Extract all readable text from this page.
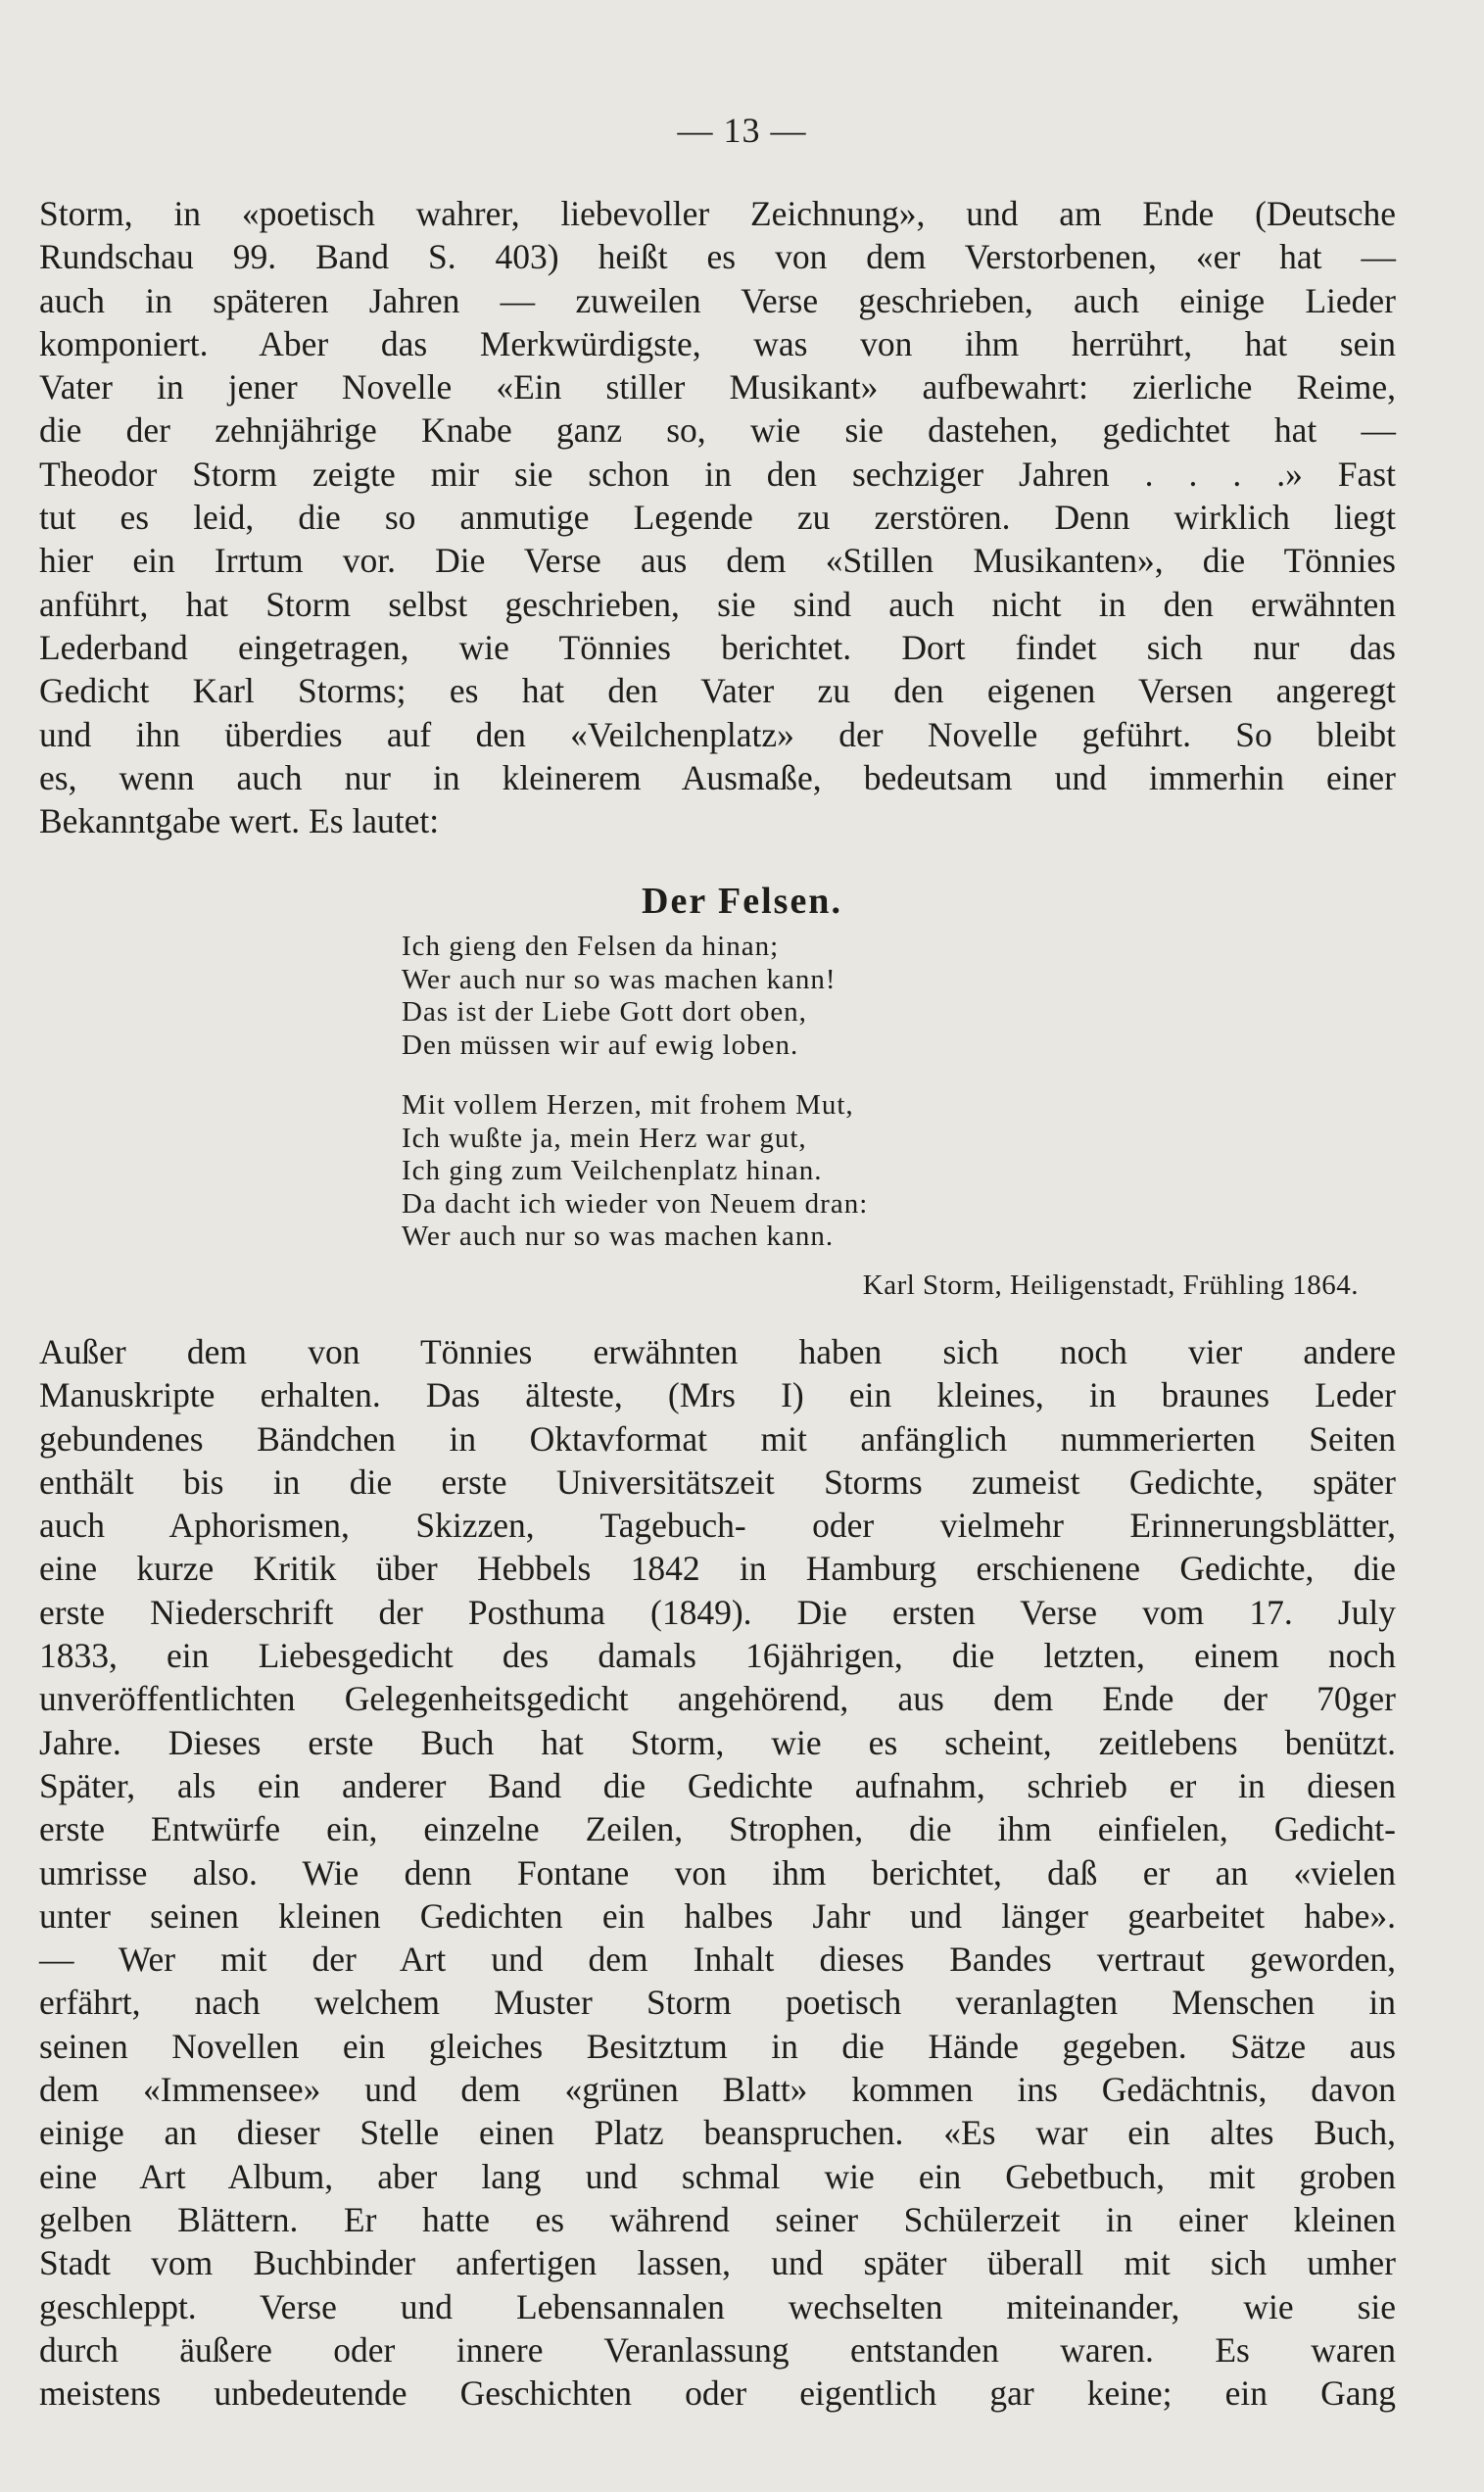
— 13 —
Storm, in «poetisch wahrer, liebevoller Zeichnung», und am Ende (Deutsche
Rundschau 99. Band S. 403) heißt es von dem Verstorbenen, «er hat —
auch in späteren Jahren — zuweilen Verse geschrieben, auch einige Lieder
komponiert. Aber das Merkwürdigste, was von ihm herrührt, hat sein
Vater in jener Novelle «Ein stiller Musikant» aufbewahrt: zierliche Reime,
die der zehnjährige Knabe ganz so, wie sie dastehen, gedichtet hat —
Theodor Storm zeigte mir sie schon in den sechziger Jahren . . . .» Fast
tut es leid, die so anmutige Legende zu zerstören. Denn wirklich liegt
hier ein Irrtum vor. Die Verse aus dem «Stillen Musikanten», die Tönnies
anführt, hat Storm selbst geschrieben, sie sind auch nicht in den erwähnten
Lederband eingetragen, wie Tönnies berichtet. Dort findet sich nur das
Gedicht Karl Storms; es hat den Vater zu den eigenen Versen angeregt
und ihn überdies auf den «Veilchenplatz» der Novelle geführt. So bleibt
es, wenn auch nur in kleinerem Ausmaße, bedeutsam und immerhin einer
Bekanntgabe wert. Es lautet:
Der Felsen.
Ich gieng den Felsen da hinan;
Wer auch nur so was machen kann!
Das ist der Liebe Gott dort oben,
Den müssen wir auf ewig loben.
Mit vollem Herzen, mit frohem Mut,
Ich wußte ja, mein Herz war gut,
Ich ging zum Veilchenplatz hinan.
Da dacht ich wieder von Neuem dran:
Wer auch nur so was machen kann.
Karl Storm, Heiligenstadt, Frühling 1864.
Außer dem von Tönnies erwähnten haben sich noch vier andere
Manuskripte erhalten. Das älteste, (Mrs I) ein kleines, in braunes Leder
gebundenes Bändchen in Oktavformat mit anfänglich nummerierten Seiten
enthält bis in die erste Universitätszeit Storms zumeist Gedichte, später
auch Aphorismen, Skizzen, Tagebuch- oder vielmehr Erinnerungsblätter,
eine kurze Kritik über Hebbels 1842 in Hamburg erschienene Gedichte, die
erste Niederschrift der Posthuma (1849). Die ersten Verse vom 17. July
1833, ein Liebesgedicht des damals 16jährigen, die letzten, einem noch
unveröffentlichten Gelegenheitsgedicht angehörend, aus dem Ende der 70ger
Jahre. Dieses erste Buch hat Storm, wie es scheint, zeitlebens benützt.
Später, als ein anderer Band die Gedichte aufnahm, schrieb er in diesen
erste Entwürfe ein, einzelne Zeilen, Strophen, die ihm einfielen, Gedicht-
umrisse also. Wie denn Fontane von ihm berichtet, daß er an «vielen
unter seinen kleinen Gedichten ein halbes Jahr und länger gearbeitet habe».
— Wer mit der Art und dem Inhalt dieses Bandes vertraut geworden,
erfährt, nach welchem Muster Storm poetisch veranlagten Menschen in
seinen Novellen ein gleiches Besitztum in die Hände gegeben. Sätze aus
dem «Immensee» und dem «grünen Blatt» kommen ins Gedächtnis, davon
einige an dieser Stelle einen Platz beanspruchen. «Es war ein altes Buch,
eine Art Album, aber lang und schmal wie ein Gebetbuch, mit groben
gelben Blättern. Er hatte es während seiner Schülerzeit in einer kleinen
Stadt vom Buchbinder anfertigen lassen, und später überall mit sich umher
geschleppt. Verse und Lebensannalen wechselten miteinander, wie sie
durch äußere oder innere Veranlassung entstanden waren. Es waren
meistens unbedeutende Geschichten oder eigentlich gar keine; ein Gang
